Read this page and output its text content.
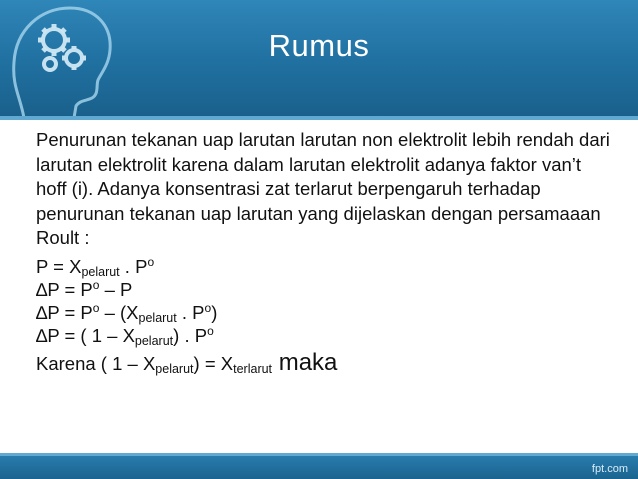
Rumus

Penurunan tekanan uap larutan larutan non elektrolit lebih rendah dari larutan elektrolit karena dalam larutan elektrolit adanya faktor van’t hoff (i). Adanya konsentrasi zat terlarut berpengaruh terhadap penurunan tekanan uap larutan yang dijelaskan dengan persamaaan Roult :

$P = X_{pelarut}$ . $P^o$

$\Delta P = P^o - P$

$\Delta P = P^o - (X_{pelarut}$ . $P^o$)

∆P = ( $1 - X_{pelarut}$) . $P^o$

Karena ( $1 - X_{pelarut}) = X_{terlarut}$ maka

fpt.com
